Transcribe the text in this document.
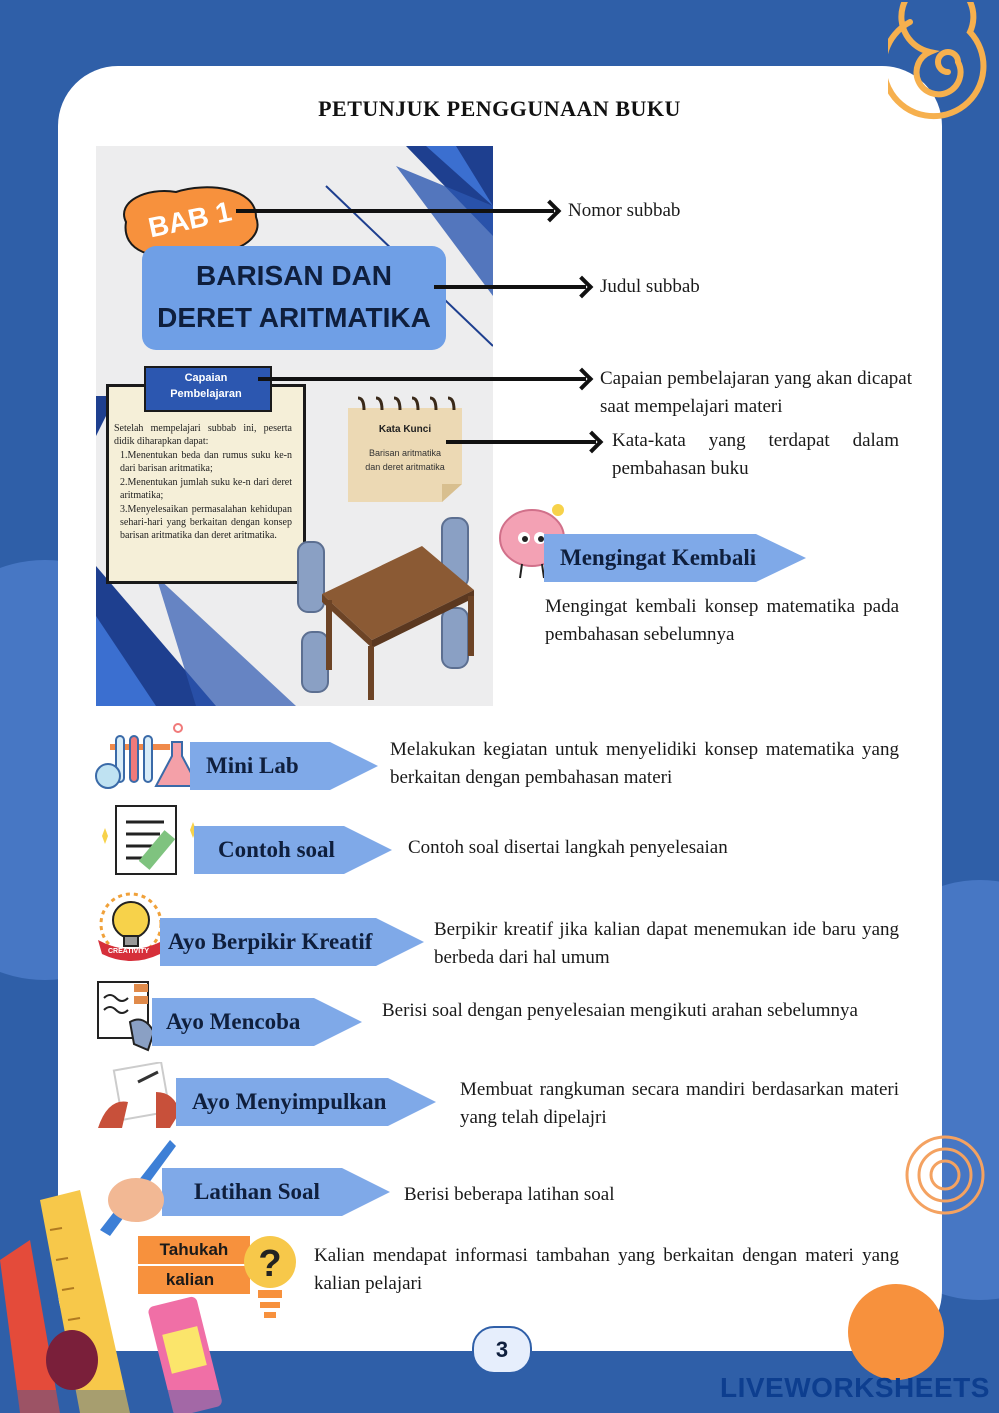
PETUNJUK PENGGUNAAN BUKU
BAB 1
BARISAN DAN
DERET ARITMATIKA
Capaian
Pembelajaran
Setelah mempelajari subbab ini, peserta didik diharapkan dapat:
1.Menentukan beda dan rumus suku ke-n dari barisan aritmatika;
2.Menentukan jumlah suku ke-n dari deret aritmatika;
3.Menyelesaikan permasalahan kehidupan sehari-hari yang berkaitan dengan konsep barisan aritmatika dan deret aritmatika.
Kata Kunci
Barisan aritmatika
dan deret aritmatika
Nomor subbab
Judul subbab
Capaian pembelajaran yang akan dicapat saat mempelajari materi
Kata-kata yang terdapat dalam pembahasan buku
Mengingat Kembali
Mengingat kembali konsep matematika pada pembahasan sebelumnya
Mini Lab
Melakukan kegiatan untuk menyelidiki konsep matematika yang berkaitan dengan pembahasan materi
Contoh soal	Contoh soal disertai langkah penyelesaian
CREATIVITY Ayo Berpikir Kreatif	Berpikir kreatif jika kalian dapat menemukan ide baru yang berbeda dari hal umum
Ayo Mencoba	Berisi soal dengan penyelesaian mengikuti arahan sebelumnya
Ayo Menyimpulkan	Membuat rangkuman secara mandiri berdasarkan materi yang telah dipelajri
Latihan Soal	Berisi beberapa latihan soal
Tahukah
kalian	? Kalian mendapat informasi tambahan yang berkaitan dengan materi yang kalian pelajari
3
LIVEWORKSHEETS
